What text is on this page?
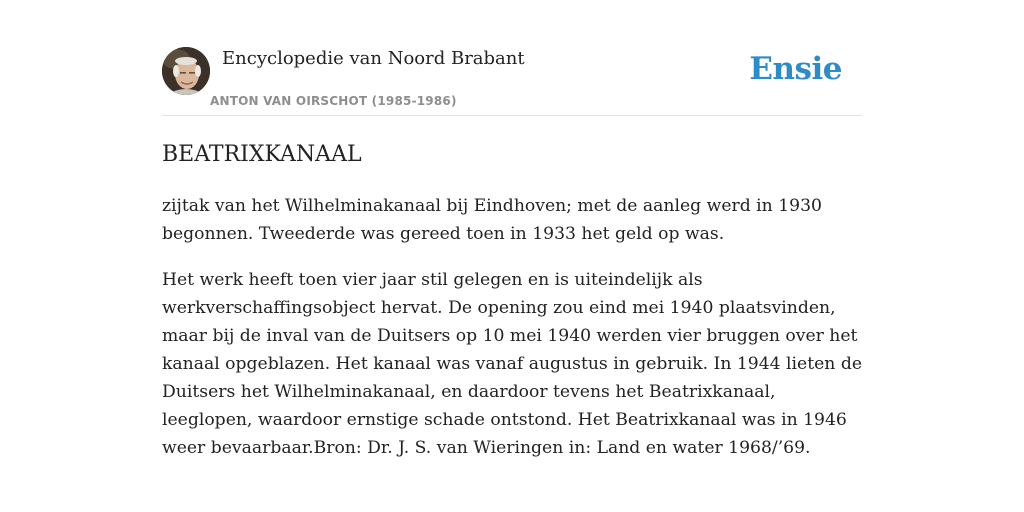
Encyclopedie van Noord Brabant
ANTON VAN OIRSCHOT (1985-1986)
Ensie
BEATRIXKANAAL

zijtak van het Wilhelminakanaal bij Eindhoven; met de aanleg werd in 1930 begonnen. Tweederde was gereed toen in 1933 het geld op was.

Het werk heeft toen vier jaar stil gelegen en is uiteindelijk als werkverschaffingsobject hervat. De opening zou eind mei 1940 plaatsvinden, maar bij de inval van de Duitsers op 10 mei 1940 werden vier bruggen over het kanaal opgeblazen. Het kanaal was vanaf augustus in gebruik. In 1944 lieten de Duitsers het Wilhelminakanaal, en daardoor tevens het Beatrixkanaal, leeglopen, waardoor ernstige schade ontstond. Het Beatrixkanaal was in 1946 weer bevaarbaar.Bron: Dr. J. S. van Wieringen in: Land en water 1968/’69.
